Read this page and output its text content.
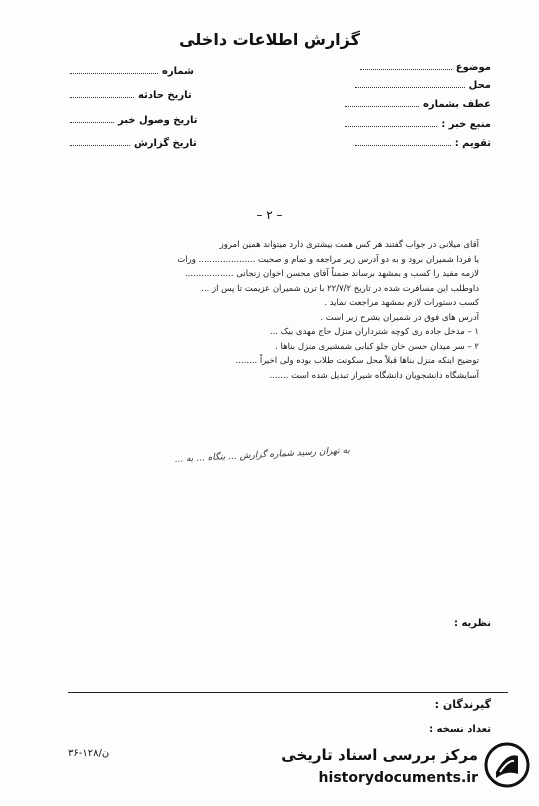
گزارش اطلاعات داخلی
موضوع
محل
عطف بشماره
منبع خبر :
تقویم :
شماره
تاریخ حادثه
تاریخ وصول خبر
تاریخ گزارش
– ۲ –
آقای میلانی در جواب گفتند هر کس همت بیشتری دارد میتواند همین امروز
یا فردا شمیران برود و به دو آدرس زیر مراجعه و تمام و صحبت ..................... ورات
لازمه مفید را کسب و بمشهد برساند ضمناً آقای محسن اخوان زنجانی ..................
داوطلب این مسافرت شده در تاریخ ۲۲/۷/۲ با ترن شمیران عزیمت تا پس از ...
کسب دستورات لازم بمشهد مراجعت نماید .
آدرس های فوق در شمیران بشرح زیر است .
۱ – مدخل جاده ری کوچه شترداران منزل حاج مهدی بیک ...
۲ – سر میدان حسن خان جلو کبابی شمشیری منزل بناها .
توضیح اینکه منزل بناها قبلاً محل سکونت طلاب بوده ولی اخیراً ........
آسایشگاه دانشجویان دانشگاه شیراز تبدیل شده است .......
به تهران رسید شماره گزارش ... بنگاه ... به ...
نظریه :
گیرندگان :
تعداد نسخه :
۳۶-۱۲۸/ن	مرکز بررسی اسناد تاریخی
historydocuments.ir
